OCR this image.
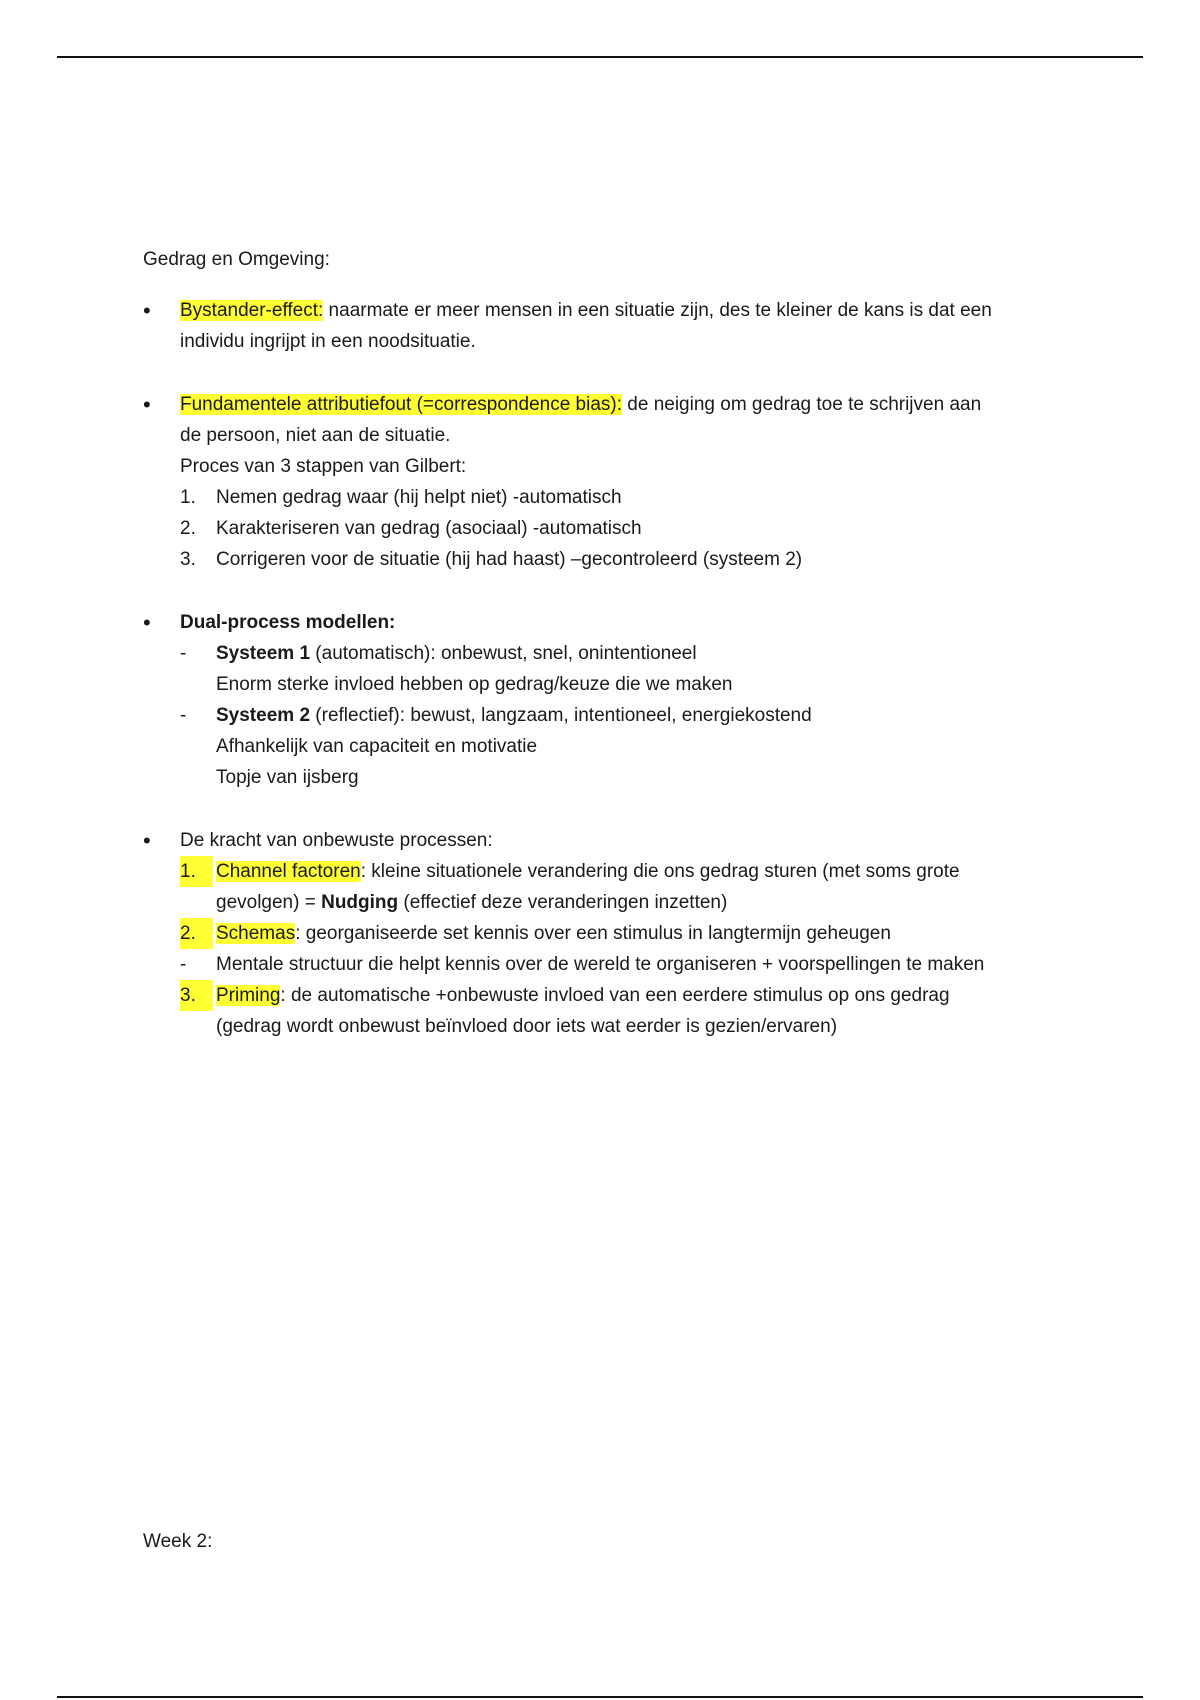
Gedrag en Omgeving:
• Bystander-effect: naarmate er meer mensen in een situatie zijn, des te kleiner de kans is dat een
individu ingrijpt in een noodsituatie.
• Fundamentele attributiefout (=correspondence bias): de neiging om gedrag toe te schrijven aan
de persoon, niet aan de situatie.
Proces van 3 stappen van Gilbert:
1. Nemen gedrag waar (hij helpt niet) -automatisch
2. Karakteriseren van gedrag (asociaal) -automatisch
3. Corrigeren voor de situatie (hij had haast) –gecontroleerd (systeem 2)
• Dual-process modellen:
- Systeem 1 (automatisch): onbewust, snel, onintentioneel
Enorm sterke invloed hebben op gedrag/keuze die we maken
- Systeem 2 (reflectief): bewust, langzaam, intentioneel, energiekostend
Afhankelijk van capaciteit en motivatie
Topje van ijsberg
• De kracht van onbewuste processen:
1.	Channel factoren: kleine situationele verandering die ons gedrag sturen (met soms grote
gevolgen) = Nudging (effectief deze veranderingen inzetten)
2.	Schemas: georganiseerde set kennis over een stimulus in langtermijn geheugen
- Mentale structuur die helpt kennis over de wereld te organiseren + voorspellingen te maken
3.	Priming: de automatische +onbewuste invloed van een eerdere stimulus op ons gedrag
(gedrag wordt onbewust beïnvloed door iets wat eerder is gezien/ervaren)
Week 2:
